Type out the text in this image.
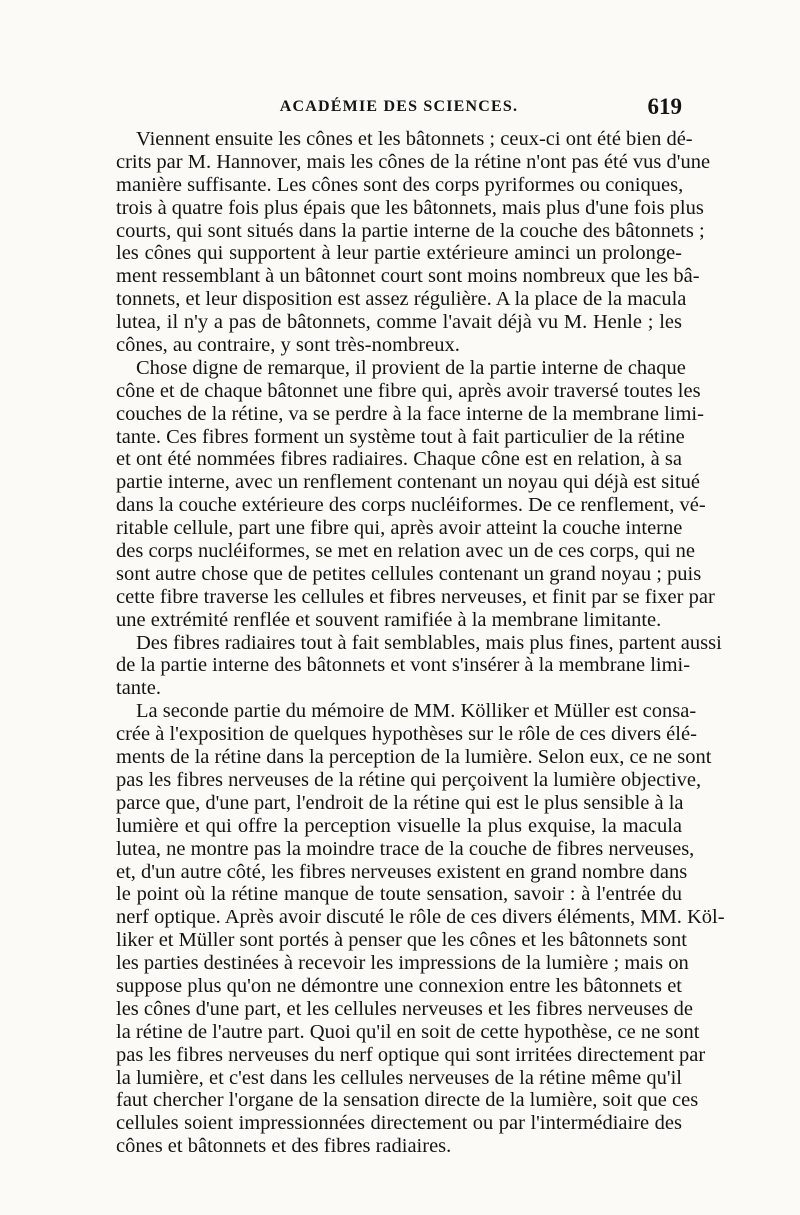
ACADÉMIE DES SCIENCES.	619
Viennent ensuite les cônes et les bâtonnets ; ceux-ci ont été bien dé-
crits par M. Hannover, mais les cônes de la rétine n'ont pas été vus d'une
manière suffisante. Les cônes sont des corps pyriformes ou coniques,
trois à quatre fois plus épais que les bâtonnets, mais plus d'une fois plus
courts, qui sont situés dans la partie interne de la couche des bâtonnets ;
les cônes qui supportent à leur partie extérieure aminci un prolonge-
ment ressemblant à un bâtonnet court sont moins nombreux que les bâ-
tonnets, et leur disposition est assez régulière. A la place de la macula
lutea, il n'y a pas de bâtonnets, comme l'avait déjà vu M. Henle ; les
cônes, au contraire, y sont très-nombreux.
Chose digne de remarque, il provient de la partie interne de chaque
cône et de chaque bâtonnet une fibre qui, après avoir traversé toutes les
couches de la rétine, va se perdre à la face interne de la membrane limi-
tante. Ces fibres forment un système tout à fait particulier de la rétine
et ont été nommées fibres radiaires. Chaque cône est en relation, à sa
partie interne, avec un renflement contenant un noyau qui déjà est situé
dans la couche extérieure des corps nucléiformes. De ce renflement, vé-
ritable cellule, part une fibre qui, après avoir atteint la couche interne
des corps nucléiformes, se met en relation avec un de ces corps, qui ne
sont autre chose que de petites cellules contenant un grand noyau ; puis
cette fibre traverse les cellules et fibres nerveuses, et finit par se fixer par
une extrémité renflée et souvent ramifiée à la membrane limitante.
Des fibres radiaires tout à fait semblables, mais plus fines, partent aussi
de la partie interne des bâtonnets et vont s'insérer à la membrane limi-
tante.
La seconde partie du mémoire de MM. Kölliker et Müller est consa-
crée à l'exposition de quelques hypothèses sur le rôle de ces divers élé-
ments de la rétine dans la perception de la lumière. Selon eux, ce ne sont
pas les fibres nerveuses de la rétine qui perçoivent la lumière objective,
parce que, d'une part, l'endroit de la rétine qui est le plus sensible à la
lumière et qui offre la perception visuelle la plus exquise, la macula
lutea, ne montre pas la moindre trace de la couche de fibres nerveuses,
et, d'un autre côté, les fibres nerveuses existent en grand nombre dans
le point où la rétine manque de toute sensation, savoir : à l'entrée du
nerf optique. Après avoir discuté le rôle de ces divers éléments, MM. Köl-
liker et Müller sont portés à penser que les cônes et les bâtonnets sont
les parties destinées à recevoir les impressions de la lumière ; mais on
suppose plus qu'on ne démontre une connexion entre les bâtonnets et
les cônes d'une part, et les cellules nerveuses et les fibres nerveuses de
la rétine de l'autre part. Quoi qu'il en soit de cette hypothèse, ce ne sont
pas les fibres nerveuses du nerf optique qui sont irritées directement par
la lumière, et c'est dans les cellules nerveuses de la rétine même qu'il
faut chercher l'organe de la sensation directe de la lumière, soit que ces
cellules soient impressionnées directement ou par l'intermédiaire des
cônes et bâtonnets et des fibres radiaires.
